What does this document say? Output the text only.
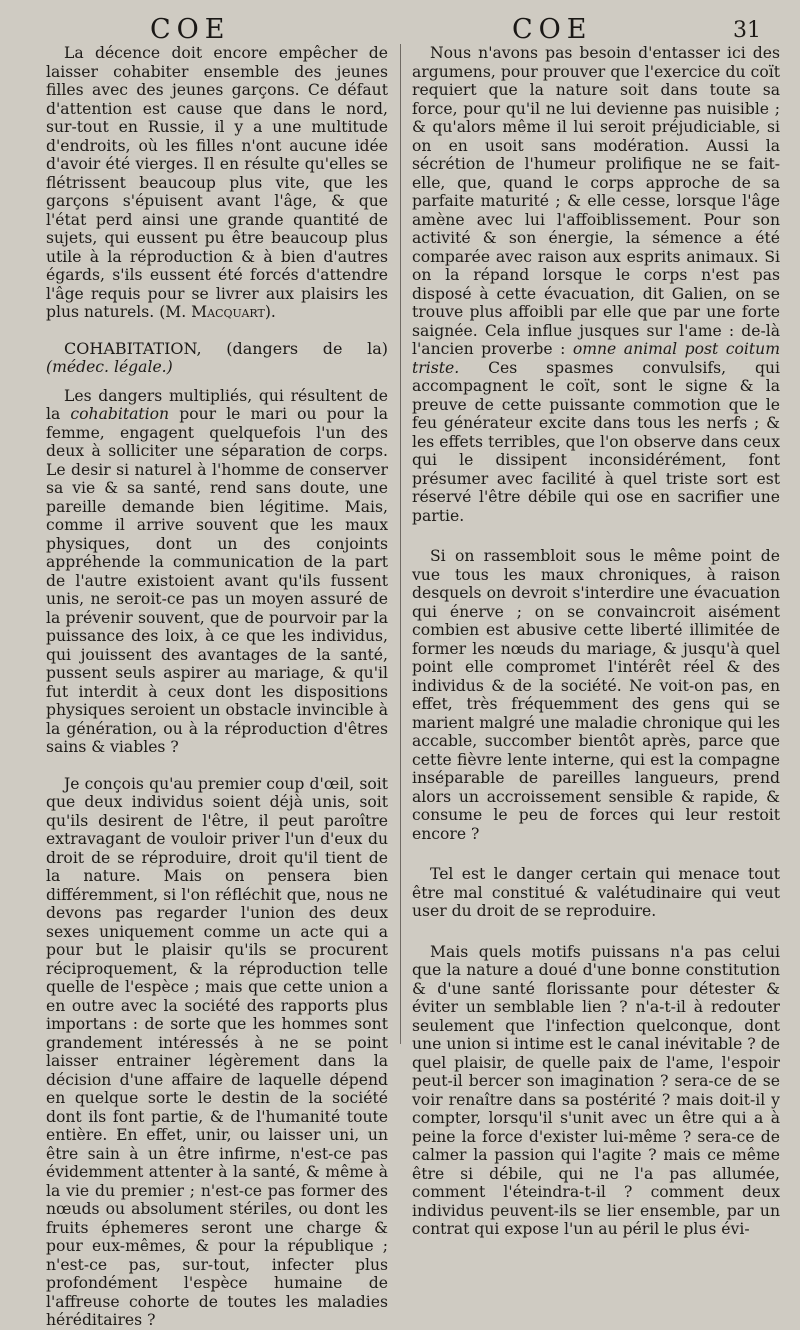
COE	COE	31

La décence doit encore empêcher de laisser cohabiter ensemble des jeunes filles avec des jeunes garçons. Ce défaut d'attention est cause que dans le nord, sur-tout en Russie, il y a une multitude d'endroits, où les filles n'ont aucune idée d'avoir été vierges. Il en résulte qu'elles se flétrissent beaucoup plus vite, que les garçons s'épuisent avant l'âge, & que l'état perd ainsi une grande quantité de sujets, qui eussent pu être beaucoup plus utile à la réproduction & à bien d'autres égards, s'ils eussent été forcés d'attendre l'âge requis pour se livrer aux plaisirs les plus naturels. (M. Macquart).

COHABITATION, (dangers de la) (médec. légale.)

Les dangers multipliés, qui résultent de la cohabitation pour le mari ou pour la femme, engagent quelquefois l'un des deux à solliciter une séparation de corps. Le desir si naturel à l'homme de conserver sa vie & sa santé, rend sans doute, une pareille demande bien légitime. Mais, comme il arrive souvent que les maux physiques, dont un des conjoints appréhende la communication de la part de l'autre existoient avant qu'ils fussent unis, ne seroit-ce pas un moyen assuré de la prévenir souvent, que de pourvoir par la puissance des loix, à ce que les individus, qui jouissent des avantages de la santé, pussent seuls aspirer au mariage, & qu'il fut interdit à ceux dont les dispositions physiques seroient un obstacle invincible à la génération, ou à la réproduction d'êtres sains & viables ?

Je conçois qu'au premier coup d'œil, soit que deux individus soient déjà unis, soit qu'ils desirent de l'être, il peut paroître extravagant de vouloir priver l'un d'eux du droit de se réproduire, droit qu'il tient de la nature. Mais on pensera bien différemment, si l'on réfléchit que, nous ne devons pas regarder l'union des deux sexes uniquement comme un acte qui a pour but le plaisir qu'ils se procurent réciproquement, & la réproduction telle quelle de l'espèce ; mais que cette union a en outre avec la société des rapports plus importans : de sorte que les hommes sont grandement intéressés à ne se point laisser entrainer légèrement dans la décision d'une affaire de laquelle dépend en quelque sorte le destin de la société dont ils font partie, & de l'humanité toute entière. En effet, unir, ou laisser uni, un être sain à un être infirme, n'est-ce pas évidemment attenter à la santé, & même à la vie du premier ; n'est-ce pas former des nœuds ou absolument stériles, ou dont les fruits éphemeres seront une charge & pour eux-mêmes, & pour la république ; n'est-ce pas, sur-tout, infecter plus profondément l'espèce humaine de l'affreuse cohorte de toutes les maladies héréditaires ?

Nous n'avons pas besoin d'entasser ici des argumens, pour prouver que l'exercice du coït requiert que la nature soit dans toute sa force, pour qu'il ne lui devienne pas nuisible ; & qu'alors même il lui seroit préjudiciable, si on en usoit sans modération. Aussi la sécrétion de l'humeur prolifique ne se fait-elle, que, quand le corps approche de sa parfaite maturité ; & elle cesse, lorsque l'âge amène avec lui l'affoiblissement. Pour son activité & son énergie, la sémence a été comparée avec raison aux esprits animaux. Si on la répand lorsque le corps n'est pas disposé à cette évacuation, dit Galien, on se trouve plus affoibli par elle que par une forte saignée. Cela influe jusques sur l'ame : de-là l'ancien proverbe : omne animal post coitum triste. Ces spasmes convulsifs, qui accompagnent le coït, sont le signe & la preuve de cette puissante commotion que le feu générateur excite dans tous les nerfs ; & les effets terribles, que l'on observe dans ceux qui le dissipent inconsidérément, font présumer avec facilité à quel triste sort est réservé l'être débile qui ose en sacrifier une partie.

Si on rassembloit sous le même point de vue tous les maux chroniques, à raison desquels on devroit s'interdire une évacuation qui énerve ; on se convaincroit aisément combien est abusive cette liberté illimitée de former les nœuds du mariage, & jusqu'à quel point elle compromet l'intérêt réel & des individus & de la société. Ne voit-on pas, en effet, très fréquemment des gens qui se marient malgré une maladie chronique qui les accable, succomber bientôt après, parce que cette fièvre lente interne, qui est la compagne inséparable de pareilles langueurs, prend alors un accroissement sensible & rapide, & consume le peu de forces qui leur restoit encore ?

Tel est le danger certain qui menace tout être mal constitué & valétudinaire qui veut user du droit de se reproduire.

Mais quels motifs puissans n'a pas celui que la nature a doué d'une bonne constitution & d'une santé florissante pour détester & éviter un semblable lien ? n'a-t-il à redouter seulement que l'infection quelconque, dont une union si intime est le canal inévitable ? de quel plaisir, de quelle paix de l'ame, l'espoir peut-il bercer son imagination ? sera-ce de se voir renaître dans sa postérité ? mais doit-il y compter, lorsqu'il s'unit avec un être qui a à peine la force d'exister lui-même ? sera-ce de calmer la passion qui l'agite ? mais ce même être si débile, qui ne l'a pas allumée, comment l'éteindra-t-il ? comment deux individus peuvent-ils se lier ensemble, par un contrat qui expose l'un au péril le plus évi-
